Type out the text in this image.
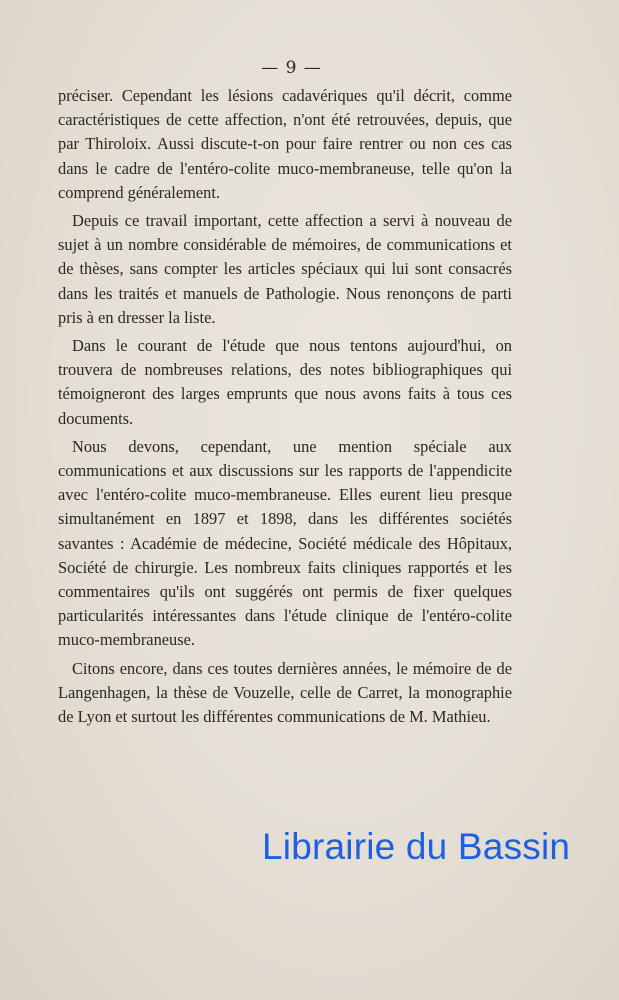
— 9 —

préciser. Cependant les lésions cadavériques qu'il décrit, comme caractéristiques de cette affection, n'ont été retrouvées, depuis, que par Thiroloix. Aussi discute-t-on pour faire rentrer ou non ces cas dans le cadre de l'entéro-colite muco-membraneuse, telle qu'on la comprend généralement.

Depuis ce travail important, cette affection a servi à nouveau de sujet à un nombre considérable de mémoires, de communications et de thèses, sans compter les articles spéciaux qui lui sont consacrés dans les traités et manuels de Pathologie. Nous renonçons de parti pris à en dresser la liste.

Dans le courant de l'étude que nous tentons aujourd'hui, on trouvera de nombreuses relations, des notes bibliographiques qui témoigneront des larges emprunts que nous avons faits à tous ces documents.

Nous devons, cependant, une mention spéciale aux communications et aux discussions sur les rapports de l'appendicite avec l'entéro-colite muco-membraneuse. Elles eurent lieu presque simultanément en 1897 et 1898, dans les différentes sociétés savantes : Académie de médecine, Société médicale des Hôpitaux, Société de chirurgie. Les nombreux faits cliniques rapportés et les commentaires qu'ils ont suggérés ont permis de fixer quelques particularités intéressantes dans l'étude clinique de l'entéro-colite muco-membraneuse.

Citons encore, dans ces toutes dernières années, le mémoire de de Langenhagen, la thèse de Vouzelle, celle de Carret, la monographie de Lyon et surtout les différentes communications de M. Mathieu.

Librairie du Bassin
